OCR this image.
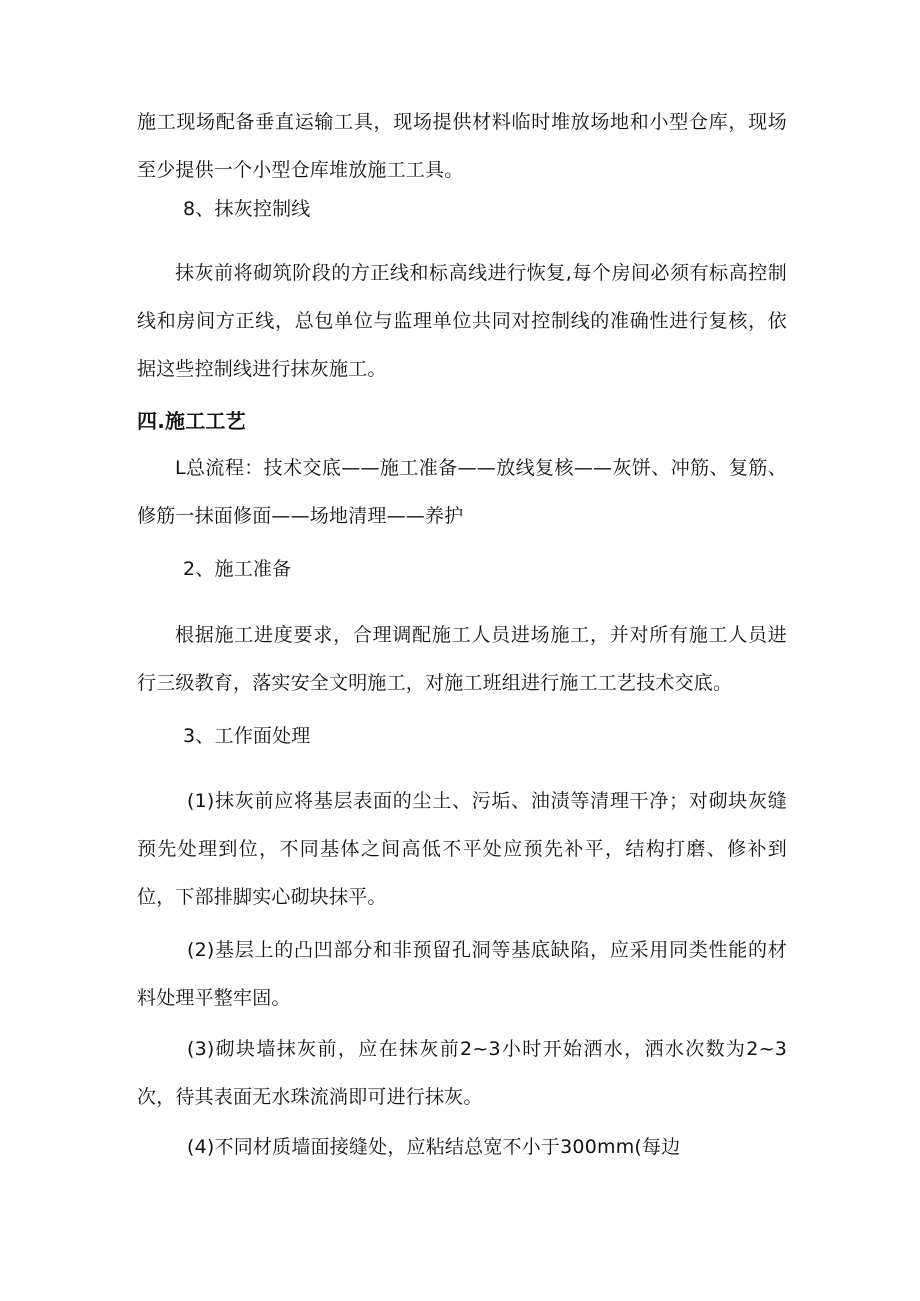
施工现场配备垂直运输工具，现场提供材料临时堆放场地和小型仓库，现场至少提供一个小型仓库堆放施工工具。

8、抹灰控制线

抹灰前将砌筑阶段的方正线和标高线进行恢复,每个房间必须有标高控制线和房间方正线，总包单位与监理单位共同对控制线的准确性进行复核，依据这些控制线进行抹灰施工。

四.施工工艺

L总流程：技术交底——施工准备——放线复核——灰饼、冲筋、复筋、修筋一抹面修面——场地清理——养护

2、施工准备

根据施工进度要求，合理调配施工人员进场施工，并对所有施工人员进行三级教育，落实安全文明施工，对施工班组进行施工工艺技术交底。

3、工作面处理

(1)抹灰前应将基层表面的尘土、污垢、油渍等清理干净；对砌块灰缝预先处理到位，不同基体之间高低不平处应预先补平，结构打磨、修补到位，下部排脚实心砌块抹平。

(2)基层上的凸凹部分和非预留孔洞等基底缺陷，应采用同类性能的材料处理平整牢固。

(3)砌块墙抹灰前，应在抹灰前2~3小时开始洒水，洒水次数为2~3次，待其表面无水珠流淌即可进行抹灰。

(4)不同材质墙面接缝处，应粘结总宽不小于300mm(每边
